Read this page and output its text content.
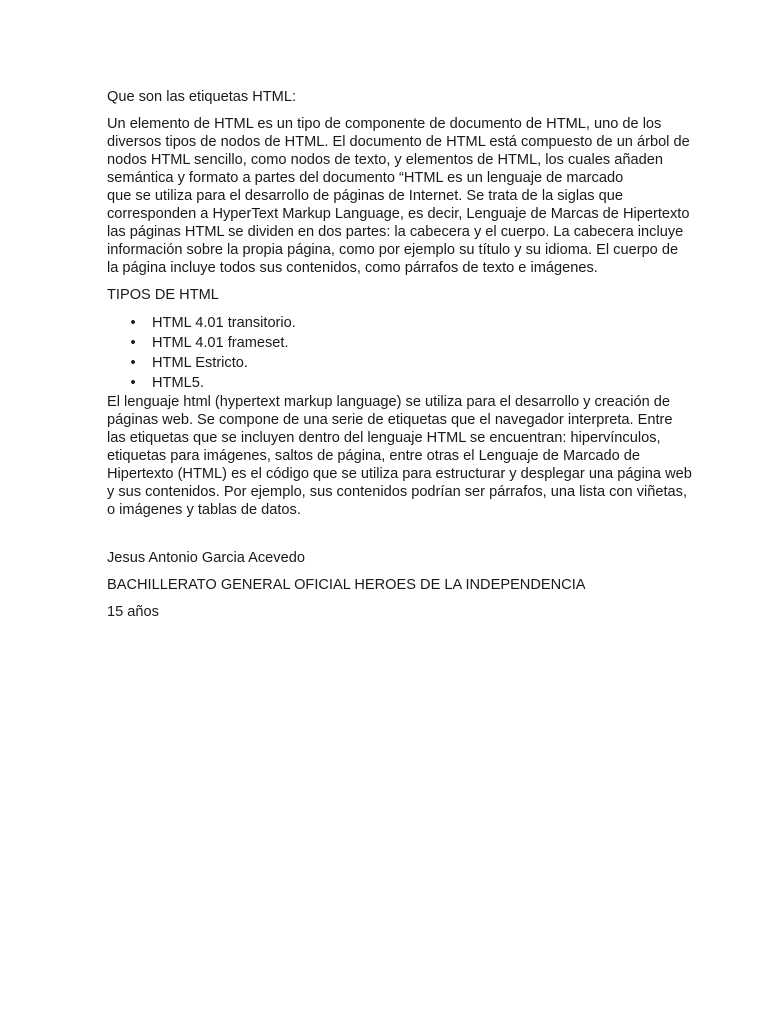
Que son las etiquetas HTML:

Un elemento de HTML es un tipo de componente de documento de HTML, uno de los
diversos tipos de nodos de HTML. El documento de HTML está compuesto de un árbol de
nodos HTML sencillo, como nodos de texto, y elementos de HTML, los cuales añaden
semántica y formato a partes del documento “HTML es un lenguaje de marcado
que se utiliza para el desarrollo de páginas de Internet. Se trata de la siglas que
corresponden a HyperText Markup Language, es decir, Lenguaje de Marcas de Hipertexto
las páginas HTML se dividen en dos partes: la cabecera y el cuerpo. La cabecera incluye
información sobre la propia página, como por ejemplo su título y su idioma. El cuerpo de
la página incluye todos sus contenidos, como párrafos de texto e imágenes.

TIPOS DE HTML

• HTML 4.01 transitorio.
• HTML 4.01 frameset.
• HTML Estricto.
• HTML5.

El lenguaje html (hypertext markup language) se utiliza para el desarrollo y creación de
páginas web. Se compone de una serie de etiquetas que el navegador interpreta. Entre
las etiquetas que se incluyen dentro del lenguaje HTML se encuentran: hipervínculos,
etiquetas para imágenes, saltos de página, entre otras el Lenguaje de Marcado de
Hipertexto (HTML) es el código que se utiliza para estructurar y desplegar una página web
y sus contenidos. Por ejemplo, sus contenidos podrían ser párrafos, una lista con viñetas,
o imágenes y tablas de datos.

Jesus Antonio Garcia Acevedo

BACHILLERATO GENERAL OFICIAL HEROES DE LA INDEPENDENCIA

15 años
